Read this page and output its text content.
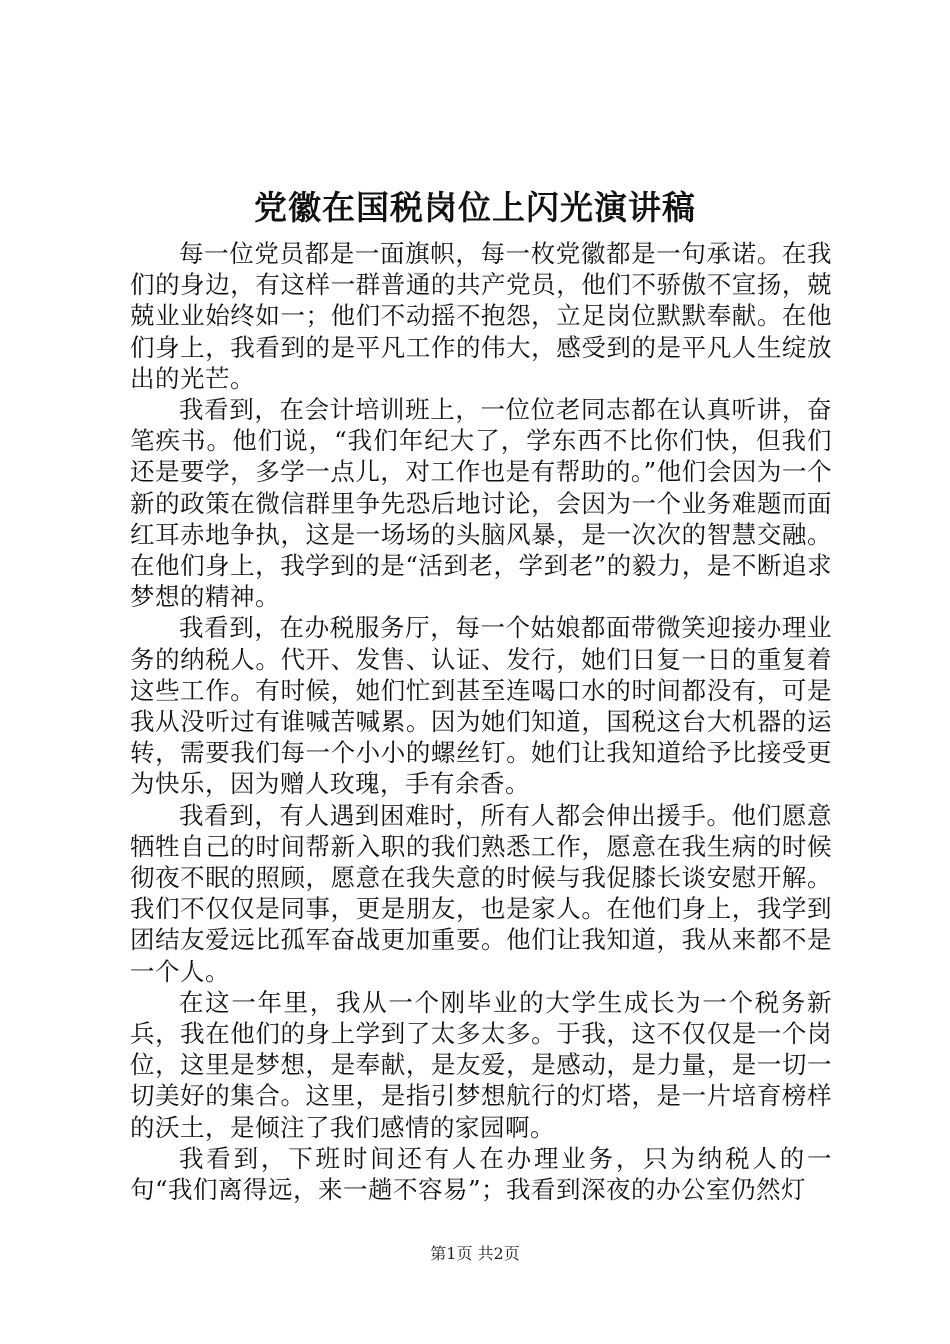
党徽在国税岗位上闪光演讲稿

每一位党员都是一面旗帜，每一枚党徽都是一句承诺。在我们的身边，有这样一群普通的共产党员，他们不骄傲不宣扬，兢兢业业始终如一；他们不动摇不抱怨，立足岗位默默奉献。在他们身上，我看到的是平凡工作的伟大，感受到的是平凡人生绽放出的光芒。

我看到，在会计培训班上，一位位老同志都在认真听讲，奋笔疾书。他们说，“我们年纪大了，学东西不比你们快，但我们还是要学，多学一点儿，对工作也是有帮助的。”他们会因为一个新的政策在微信群里争先恐后地讨论，会因为一个业务难题而面红耳赤地争执，这是一场场的头脑风暴，是一次次的智慧交融。在他们身上，我学到的是“活到老，学到老”的毅力，是不断追求梦想的精神。

我看到，在办税服务厅，每一个姑娘都面带微笑迎接办理业务的纳税人。代开、发售、认证、发行，她们日复一日的重复着这些工作。有时候，她们忙到甚至连喝口水的时间都没有，可是我从没听过有谁喊苦喊累。因为她们知道，国税这台大机器的运转，需要我们每一个小小的螺丝钉。她们让我知道给予比接受更为快乐，因为赠人玫瑰，手有余香。

我看到，有人遇到困难时，所有人都会伸出援手。他们愿意牺牲自己的时间帮新入职的我们熟悉工作，愿意在我生病的时候彻夜不眠的照顾，愿意在我失意的时候与我促膝长谈安慰开解。我们不仅仅是同事，更是朋友，也是家人。在他们身上，我学到团结友爱远比孤军奋战更加重要。他们让我知道，我从来都不是一个人。

在这一年里，我从一个刚毕业的大学生成长为一个税务新兵，我在他们的身上学到了太多太多。于我，这不仅仅是一个岗位，这里是梦想，是奉献，是友爱，是感动，是力量，是一切一切美好的集合。这里，是指引梦想航行的灯塔，是一片培育榜样的沃土，是倾注了我们感情的家园啊。

我看到，下班时间还有人在办理业务，只为纳税人的一句“我们离得远，来一趟不容易”；我看到深夜的办公室仍然灯

第1页 共2页
